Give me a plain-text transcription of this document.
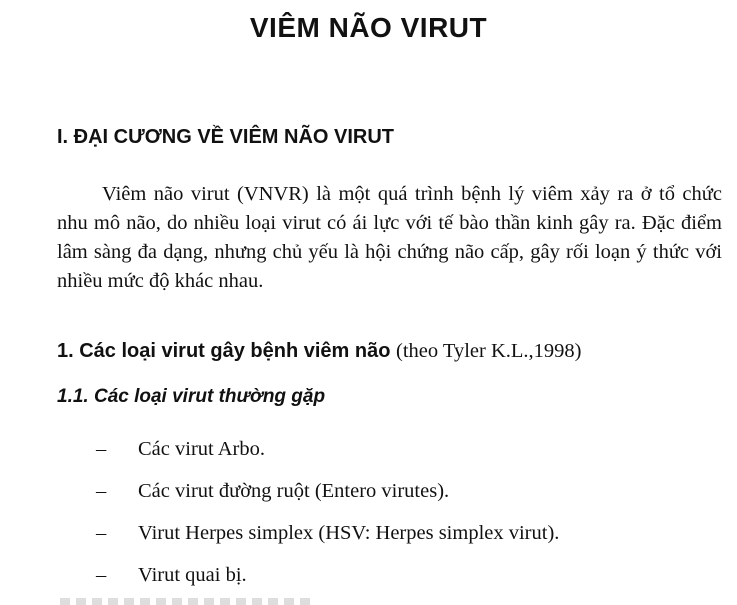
VIÊM NÃO VIRUT
I. ĐẠI CƯƠNG VỀ VIÊM NÃO VIRUT
Viêm não virut (VNVR) là một quá trình bệnh lý viêm xảy ra ở tổ chức nhu mô não, do nhiều loại virut có ái lực với tế bào thần kinh gây ra. Đặc điểm lâm sàng đa dạng, nhưng chủ yếu là hội chứng não cấp, gây rối loạn ý thức với nhiều mức độ khác nhau.
1. Các loại virut gây bệnh viêm não (theo Tyler K.L.,1998)
1.1. Các loại virut thường gặp
–	Các virut Arbo.
–	Các virut đường ruột (Entero virutes).
–	Virut Herpes simplex (HSV: Herpes simplex virut).
–	Virut quai bị.
